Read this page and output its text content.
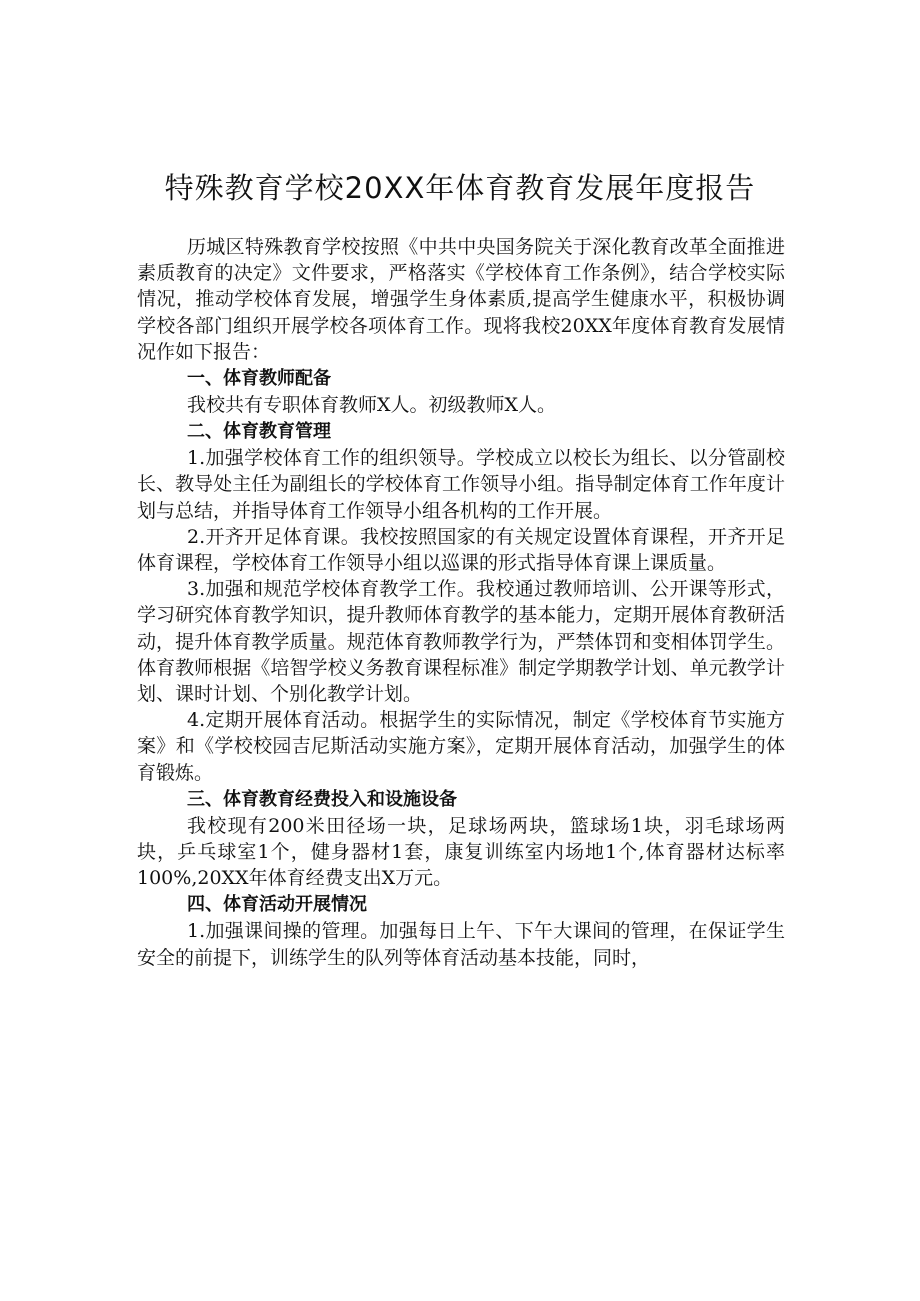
特殊教育学校20XX年体育教育发展年度报告

历城区特殊教育学校按照《中共中央国务院关于深化教育改革全面推进素质教育的决定》文件要求，严格落实《学校体育工作条例》，结合学校实际情况，推动学校体育发展，增强学生身体素质,提高学生健康水平，积极协调学校各部门组织开展学校各项体育工作。现将我校20XX年度体育教育发展情况作如下报告：

一、体育教师配备

我校共有专职体育教师X人。初级教师X人。

二、体育教育管理

1.加强学校体育工作的组织领导。学校成立以校长为组长、以分管副校长、教导处主任为副组长的学校体育工作领导小组。指导制定体育工作年度计划与总结，并指导体育工作领导小组各机构的工作开展。

2.开齐开足体育课。我校按照国家的有关规定设置体育课程，开齐开足体育课程，学校体育工作领导小组以巡课的形式指导体育课上课质量。

3.加强和规范学校体育教学工作。我校通过教师培训、公开课等形式，学习研究体育教学知识，提升教师体育教学的基本能力，定期开展体育教研活动，提升体育教学质量。规范体育教师教学行为，严禁体罚和变相体罚学生。体育教师根据《培智学校义务教育课程标准》制定学期教学计划、单元教学计划、课时计划、个别化教学计划。

4.定期开展体育活动。根据学生的实际情况，制定《学校体育节实施方案》和《学校校园吉尼斯活动实施方案》，定期开展体育活动，加强学生的体育锻炼。

三、体育教育经费投入和设施设备

我校现有200米田径场一块，足球场两块，篮球场1块，羽毛球场两块，乒乓球室1个，健身器材1套，康复训练室内场地1个,体育器材达标率100%,20XX年体育经费支出X万元。

四、体育活动开展情况

1.加强课间操的管理。加强每日上午、下午大课间的管理，在保证学生安全的前提下，训练学生的队列等体育活动基本技能，同时，
